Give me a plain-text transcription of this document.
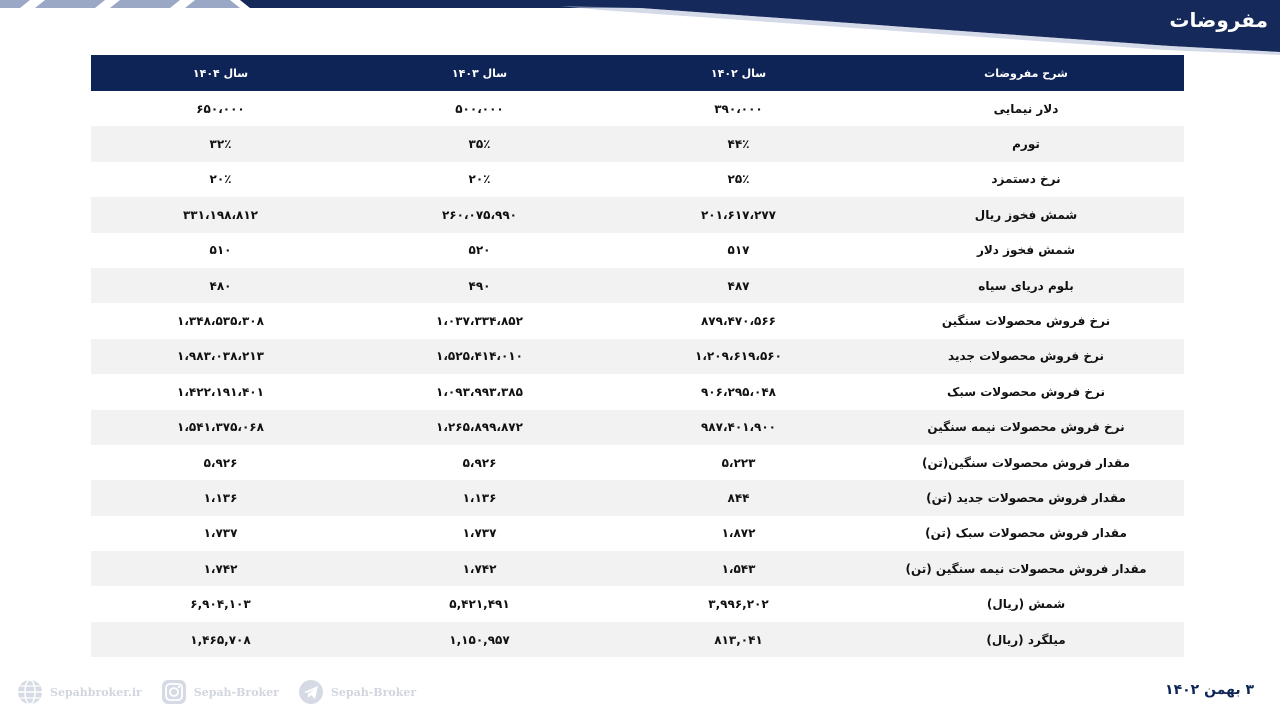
مفروضات
شرح مفروضات	سال ۱۴۰۲	سال ۱۴۰۳	سال ۱۴۰۴
دلار نیمایی	۳۹۰،۰۰۰	۵۰۰،۰۰۰	۶۵۰،۰۰۰
تورم	۴۴٪	۳۵٪	۳۲٪
نرخ دستمزد	۲۵٪	۲۰٪	۲۰٪
شمش فخوز ریال	۲۰۱،۶۱۷،۲۷۷	۲۶۰،۰۷۵،۹۹۰	۳۳۱،۱۹۸،۸۱۲
شمش فخوز دلار	۵۱۷	۵۲۰	۵۱۰
بلوم دریای سیاه	۴۸۷	۴۹۰	۴۸۰
نرخ فروش محصولات سنگین	۸۷۹،۴۷۰،۵۶۶	۱،۰۳۷،۳۳۴،۸۵۲	۱،۳۴۸،۵۳۵،۳۰۸
نرخ فروش محصولات جدید	۱،۲۰۹،۶۱۹،۵۶۰	۱،۵۲۵،۴۱۴،۰۱۰	۱،۹۸۳،۰۳۸،۲۱۳
نرخ فروش محصولات سبک	۹۰۶،۲۹۵،۰۴۸	۱،۰۹۳،۹۹۳،۳۸۵	۱،۴۲۲،۱۹۱،۴۰۱
نرخ فروش محصولات نیمه سنگین	۹۸۷،۴۰۱،۹۰۰	۱،۲۶۵،۸۹۹،۸۷۲	۱،۵۴۱،۳۷۵،۰۶۸
مقدار فروش محصولات سنگین(تن)	۵،۲۲۳	۵،۹۲۶	۵،۹۲۶
مقدار فروش محصولات جدید (تن)	۸۴۴	۱،۱۳۶	۱،۱۳۶
مقدار فروش محصولات سبک (تن)	۱،۸۷۲	۱،۷۳۷	۱،۷۳۷
مقدار فروش محصولات نیمه سنگین (تن)	۱،۵۴۳	۱،۷۴۲	۱،۷۴۲
شمش (ریال)	۳,۹۹۶,۲۰۲	۵,۴۲۱,۴۹۱	۶,۹۰۴,۱۰۳
میلگرد (ریال)	۸۱۳,۰۴۱	۱,۱۵۰,۹۵۷	۱,۴۶۵,۷۰۸
Sepahbroker.ir	Sepah-Broker	Sepah-Broker	۳ بهمن ۱۴۰۲
